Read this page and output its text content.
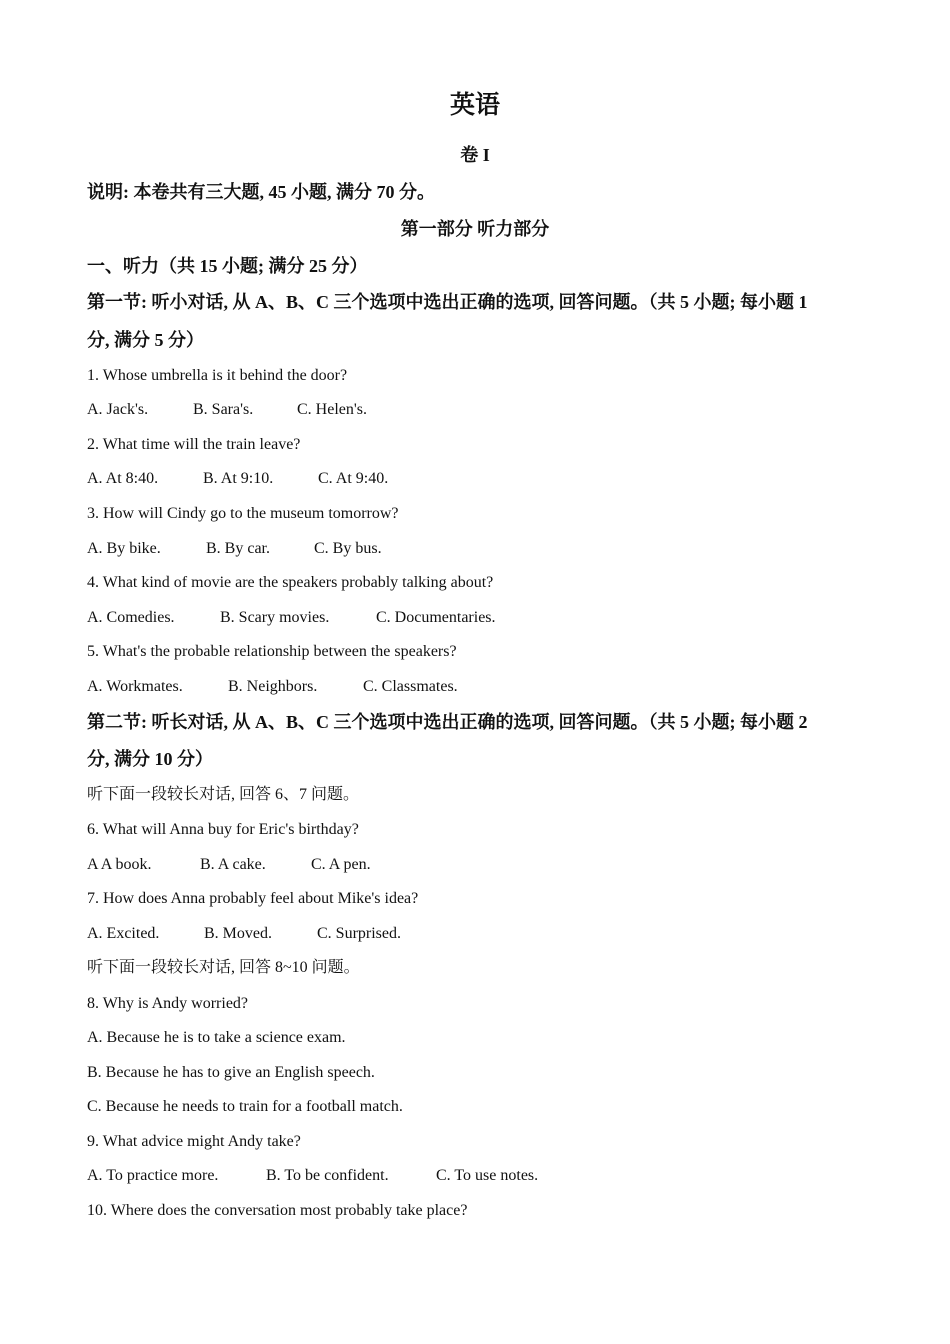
英语
卷 I
说明: 本卷共有三大题, 45 小题, 满分 70 分。
第一部分 听力部分
一、听力（共 15 小题; 满分 25 分）
第一节: 听小对话, 从 A、B、C 三个选项中选出正确的选项, 回答问题。（共 5 小题; 每小题 1
分, 满分 5 分）
1. Whose umbrella is it behind the door?
A. Jack's.	B. Sara's.	C. Helen's.
2. What time will the train leave?
A. At 8:40.	B. At 9:10.	C. At 9:40.
3. How will Cindy go to the museum tomorrow?
A. By bike.	B. By car.	C. By bus.
4. What kind of movie are the speakers probably talking about?
A. Comedies.	B. Scary movies.	C. Documentaries.
5. What's the probable relationship between the speakers?
A. Workmates.	B. Neighbors.	C. Classmates.
第二节: 听长对话, 从 A、B、C 三个选项中选出正确的选项, 回答问题。（共 5 小题; 每小题 2
分, 满分 10 分）
听下面一段较长对话, 回答 6、7 问题。
6. What will Anna buy for Eric's birthday?
A A book.	B. A cake.	C. A pen.
7. How does Anna probably feel about Mike's idea?
A. Excited.	B. Moved.	C. Surprised.
听下面一段较长对话, 回答 8~10 问题。
8. Why is Andy worried?
A. Because he is to take a science exam.
B. Because he has to give an English speech.
C. Because he needs to train for a football match.
9. What advice might Andy take?
A. To practice more.	B. To be confident.	C. To use notes.
10. Where does the conversation most probably take place?
